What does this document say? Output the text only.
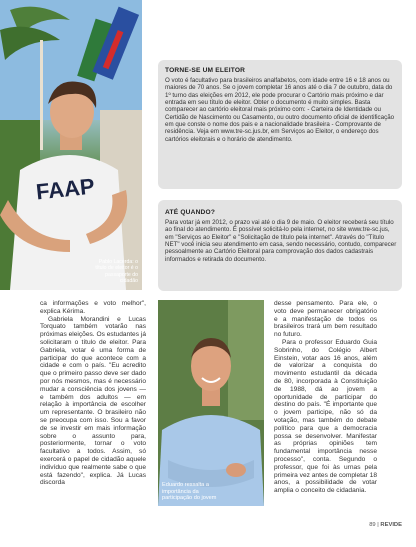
FAAP
Pablo Lacerda: o título de eleitor é o passaporte do cidadão
TORNE-SE UM ELEITOR

O voto é facultativo para brasileiros analfabetos, com idade entre 16 e 18 anos ou maiores de 70 anos. Se o jovem completar 16 anos até o dia 7 de outubro, data do 1º turno das eleições em 2012, ele pode procurar o Cartório mais próximo e dar entrada em seu título de eleitor. Obter o documento é muito simples. Basta comparecer ao cartório eleitoral mais próximo com: - Carteira de Identidade ou Certidão de Nascimento ou Casamento, ou outro documento oficial de identificação em que conste o nome dos pais e a nacionalidade brasileira - Comprovante de residência. Veja em www.tre-sc.jus.br, em Serviços ao Eleitor, o endereço dos cartórios eleitorais e o horário de atendimento.

ATÉ QUANDO?

Para votar já em 2012, o prazo vai até o dia 9 de maio. O eleitor receberá seu título ao final do atendimento. É possível solicitá-lo pela internet, no site www.tre-sc.jus, em "Serviços ao Eleitor" e "Solicitação de título pela internet". Através do "Título NET" você inicia seu atendimento em casa, sendo necessário, contudo, comparecer pessoalmente ao Cartório Eleitoral para comprovação dos dados cadastrais informados e retirada do documento.

ca informações e voto melhor", explica Kérima.

Gabriela Morandini e Lucas Torquato também votarão nas próximas eleições. Os estudantes já solicitaram o título de eleitor. Para Gabriela, votar é uma forma de participar do que acontece com a cidade e com o país. "Eu acredito que o primeiro passo deve ser dado por nós mesmos, mas é necessário mudar a consciência dos jovens — e também dos adultos — em relação à importância de escolher um representante. O brasileiro não se preocupa com isso. Sou a favor de se investir em mais informação sobre o assunto para, posteriormente, tornar o voto facultativo a todos. Assim, só exercerá o papel de cidadão aquele indivíduo que realmente sabe o que está fazendo", explica. Já Lucas discorda	Eduardo ressalta a importância da participação do jovem

desse pensamento. Para ele, o voto deve permanecer obrigatório e a manifestação de todos os brasileiros trará um bem resultado no futuro.

Para o professor Eduardo Guia Sobrinho, do Colégio Albert Einstein, votar aos 16 anos, além de valorizar a conquista do movimento estudantil da década de 80, incorporada à Constituição de 1988, dá ao jovem a oportunidade de participar do destino do país. "É importante que o jovem participe, não só da votação, mas também do debate político para que a democracia possa se desenvolver. Manifestar as próprias opiniões tem fundamental importância nesse processo", conta. Segundo o professor, que foi às urnas pela primeira vez antes de completar 18 anos, a possibilidade de votar amplia o conceito de cidadania.

89 | REVIDE
